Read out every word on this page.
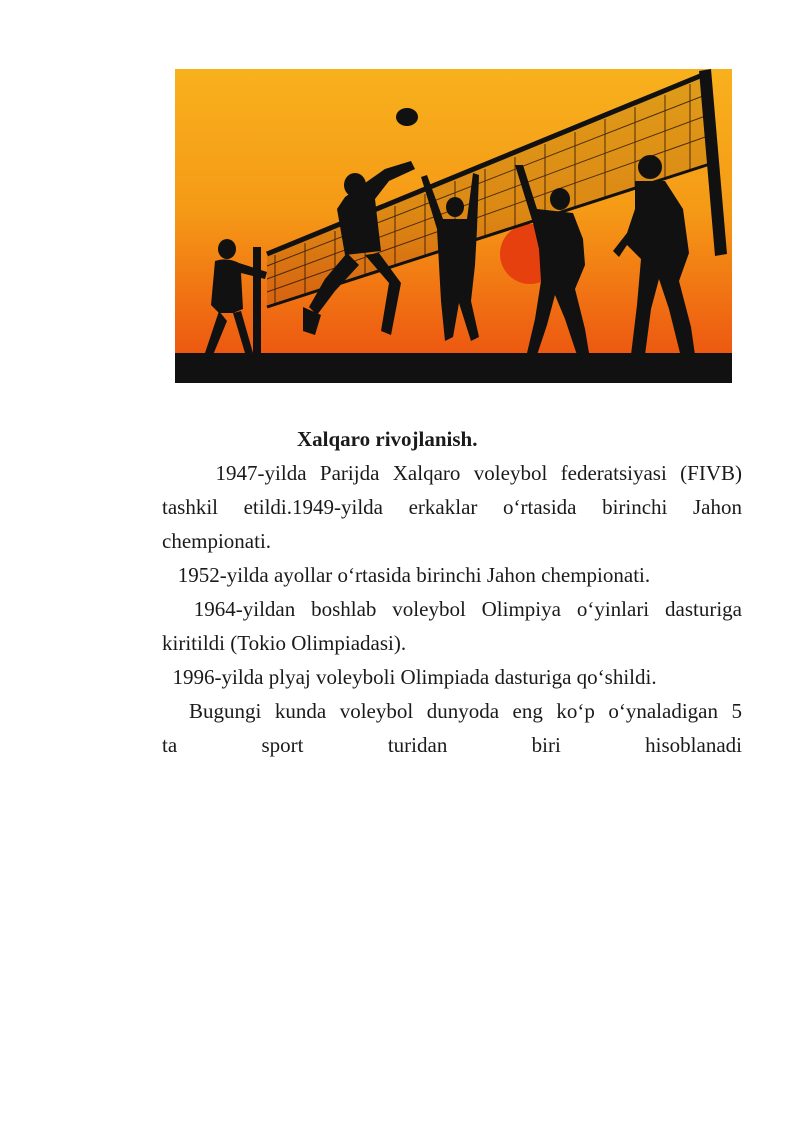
Xalqaro rivojlanish.

1947-yilda Parijda Xalqaro voleybol federatsiyasi (FIVB)
tashkil etildi.1949-yilda erkaklar o‘rtasida birinchi Jahon
chempionati.

1952-yilda ayollar o‘rtasida birinchi Jahon chempionati.

1964-yildan boshlab voleybol Olimpiya o‘yinlari dasturiga
kiritildi (Tokio Olimpiadasi).

1996-yilda plyaj voleyboli Olimpiada dasturiga qo‘shildi.

Bugungi kunda voleybol dunyoda eng ko‘p o‘ynaladigan 5
ta sport turidan biri hisoblanadi
